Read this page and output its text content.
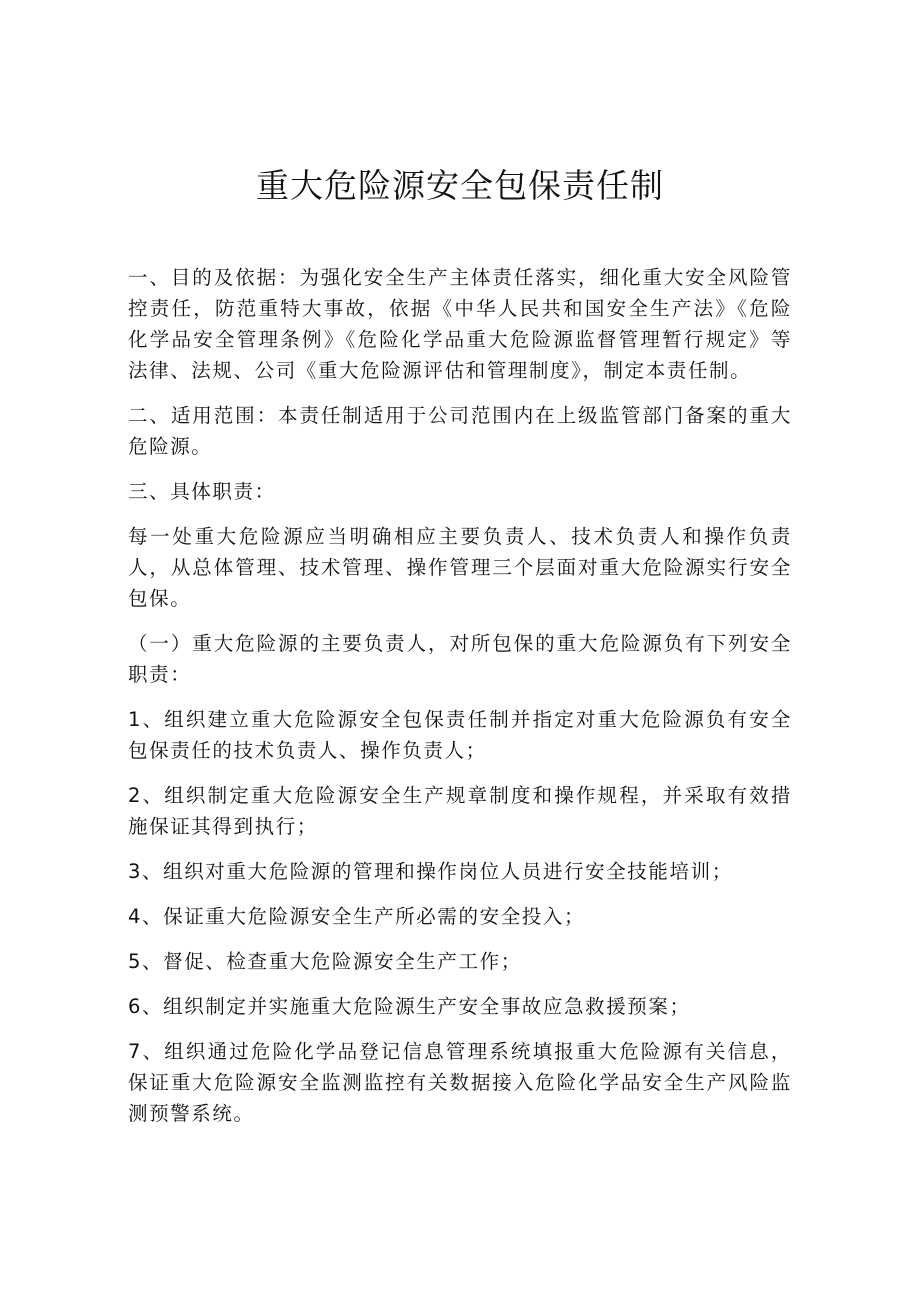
重大危险源安全包保责任制

一、目的及依据：为强化安全生产主体责任落实，细化重大安全风险管控责任，防范重特大事故，依据《中华人民共和国安全生产法》《危险化学品安全管理条例》《危险化学品重大危险源监督管理暂行规定》等法律、法规、公司《重大危险源评估和管理制度》，制定本责任制。

二、适用范围：本责任制适用于公司范围内在上级监管部门备案的重大危险源。

三、具体职责：

每一处重大危险源应当明确相应主要负责人、技术负责人和操作负责人，从总体管理、技术管理、操作管理三个层面对重大危险源实行安全包保。

（一）重大危险源的主要负责人，对所包保的重大危险源负有下列安全职责：

1、组织建立重大危险源安全包保责任制并指定对重大危险源负有安全包保责任的技术负责人、操作负责人；

2、组织制定重大危险源安全生产规章制度和操作规程，并采取有效措施保证其得到执行；

3、组织对重大危险源的管理和操作岗位人员进行安全技能培训；

4、保证重大危险源安全生产所必需的安全投入；

5、督促、检查重大危险源安全生产工作；

6、组织制定并实施重大危险源生产安全事故应急救援预案；

7、组织通过危险化学品登记信息管理系统填报重大危险源有关信息，保证重大危险源安全监测监控有关数据接入危险化学品安全生产风险监测预警系统。
